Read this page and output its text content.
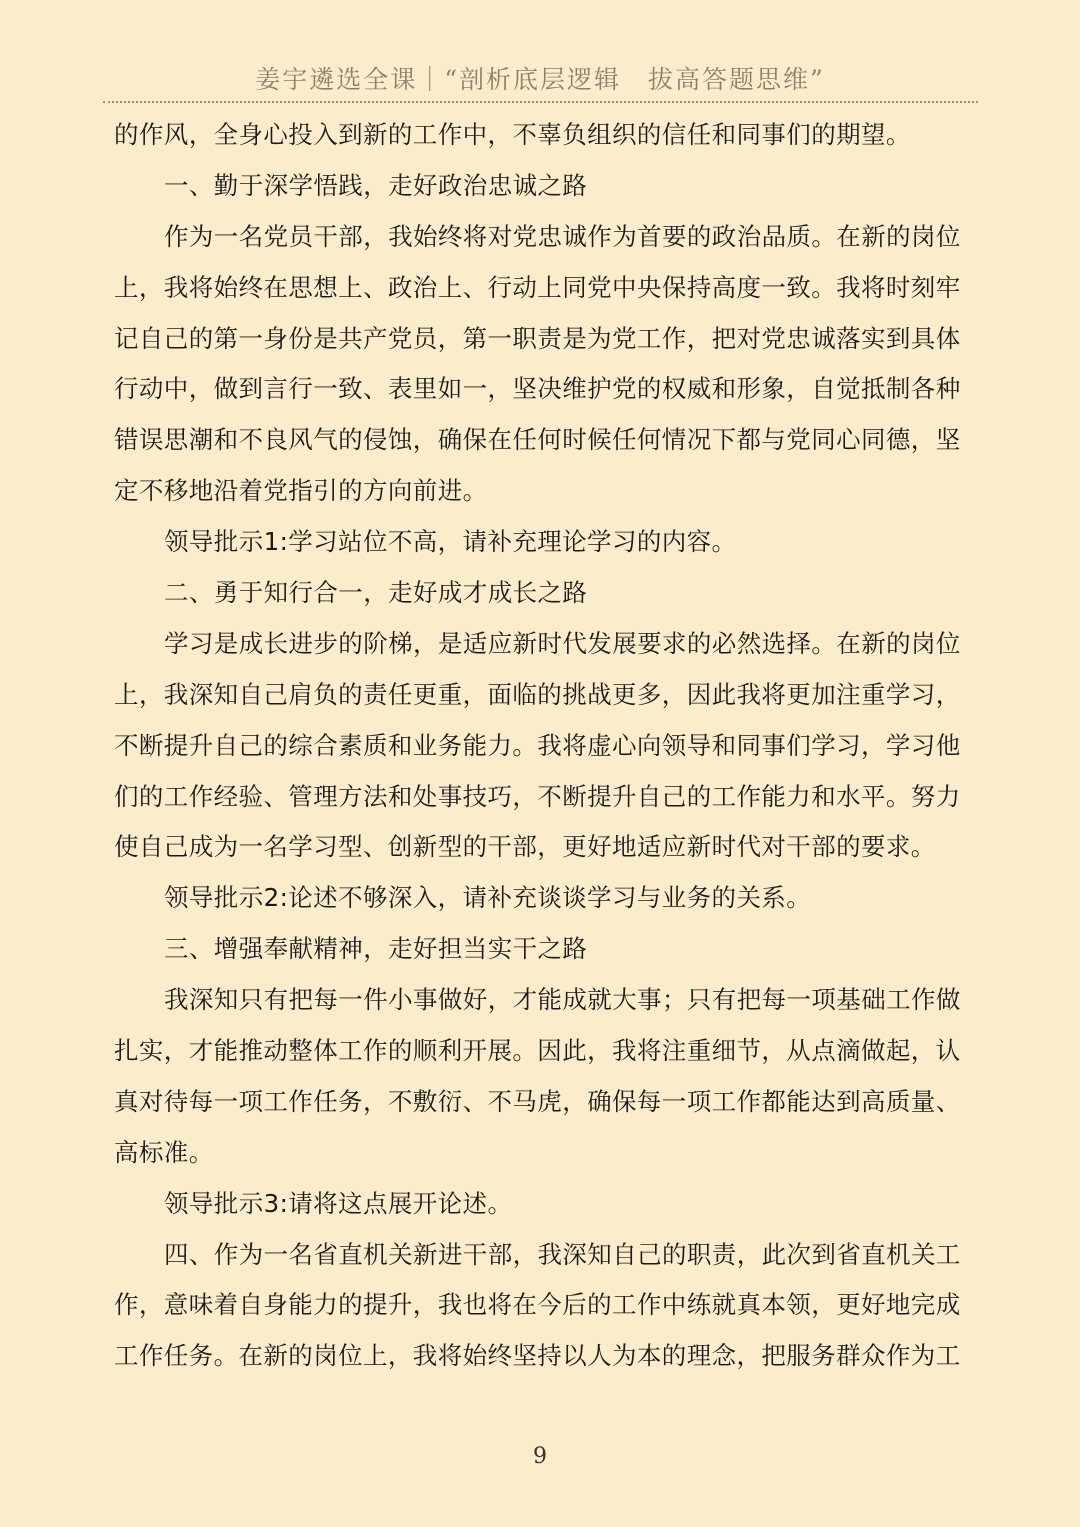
姜宇遴选全课｜“剖析底层逻辑　拔高答题思维”
的作风，全身心投入到新的工作中，不辜负组织的信任和同事们的期望。
一、勤于深学悟践，走好政治忠诚之路
作为一名党员干部，我始终将对党忠诚作为首要的政治品质。在新的岗位
上，我将始终在思想上、政治上、行动上同党中央保持高度一致。我将时刻牢
记自己的第一身份是共产党员，第一职责是为党工作，把对党忠诚落实到具体
行动中，做到言行一致、表里如一，坚决维护党的权威和形象，自觉抵制各种
错误思潮和不良风气的侵蚀，确保在任何时候任何情况下都与党同心同德，坚
定不移地沿着党指引的方向前进。
领导批示1:学习站位不高，请补充理论学习的内容。
二、勇于知行合一，走好成才成长之路
学习是成长进步的阶梯，是适应新时代发展要求的必然选择。在新的岗位
上，我深知自己肩负的责任更重，面临的挑战更多，因此我将更加注重学习，
不断提升自己的综合素质和业务能力。我将虚心向领导和同事们学习，学习他
们的工作经验、管理方法和处事技巧，不断提升自己的工作能力和水平。努力
使自己成为一名学习型、创新型的干部，更好地适应新时代对干部的要求。
领导批示2:论述不够深入，请补充谈谈学习与业务的关系。
三、增强奉献精神，走好担当实干之路
我深知只有把每一件小事做好，才能成就大事；只有把每一项基础工作做
扎实，才能推动整体工作的顺利开展。因此，我将注重细节，从点滴做起，认
真对待每一项工作任务，不敷衍、不马虎，确保每一项工作都能达到高质量、
高标准。
领导批示3:请将这点展开论述。
四、作为一名省直机关新进干部，我深知自己的职责，此次到省直机关工
作，意味着自身能力的提升，我也将在今后的工作中练就真本领，更好地完成
工作任务。在新的岗位上，我将始终坚持以人为本的理念，把服务群众作为工
9
